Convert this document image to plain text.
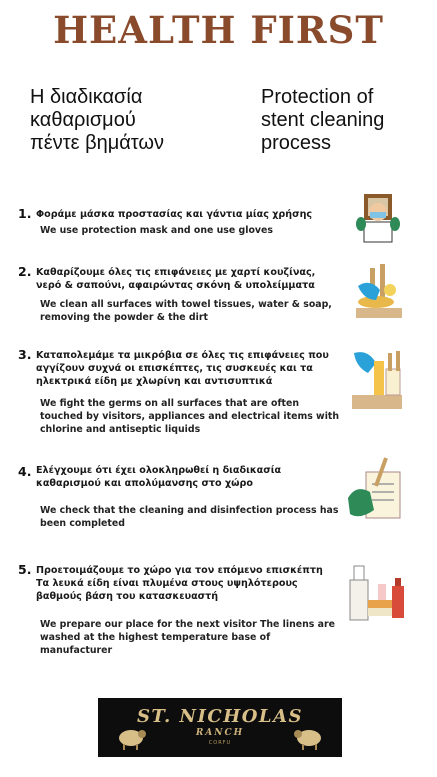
HEALTH FIRST
Η διαδικασία
καθαρισμού
πέντε βημάτων
Protection of
stent cleaning
process
1. Φοράμε μάσκα προστασίας και γάντια μίας χρήσης
We use protection mask and one use gloves
2. Καθαρίζουμε όλες τις επιφάνειες με χαρτί κουζίνας, νερό & σαπούνι, αφαιρώντας σκόνη & υπολείμματα
We clean all surfaces with towel tissues, water & soap, removing the powder & the dirt
3. Καταπολεμάμε τα μικρόβια σε όλες τις επιφάνειες που αγγίζουν συχνά οι επισκέπτες, τις συσκευές και τα ηλεκτρικά είδη με χλωρίνη και αντισυπτικά
We fight the germs on all surfaces that are often touched by visitors, appliances and electrical items with chlorine and antiseptic liquids
4. Ελέγχουμε ότι έχει ολοκληρωθεί η διαδικασία καθαρισμού και απολύμανσης στο χώρο
We check that the cleaning and disinfection process has been completed
5. Προετοιμάζουμε το χώρο για τον επόμενο επισκέπτη Τα λευκά είδη είναι πλυμένα στους υψηλότερους βαθμούς βάση του κατασκευαστή
We prepare our place for the next visitor The linens are washed at the highest temperature base of manufacturer
ST. NICHOLAS
RANCH
CORFU
